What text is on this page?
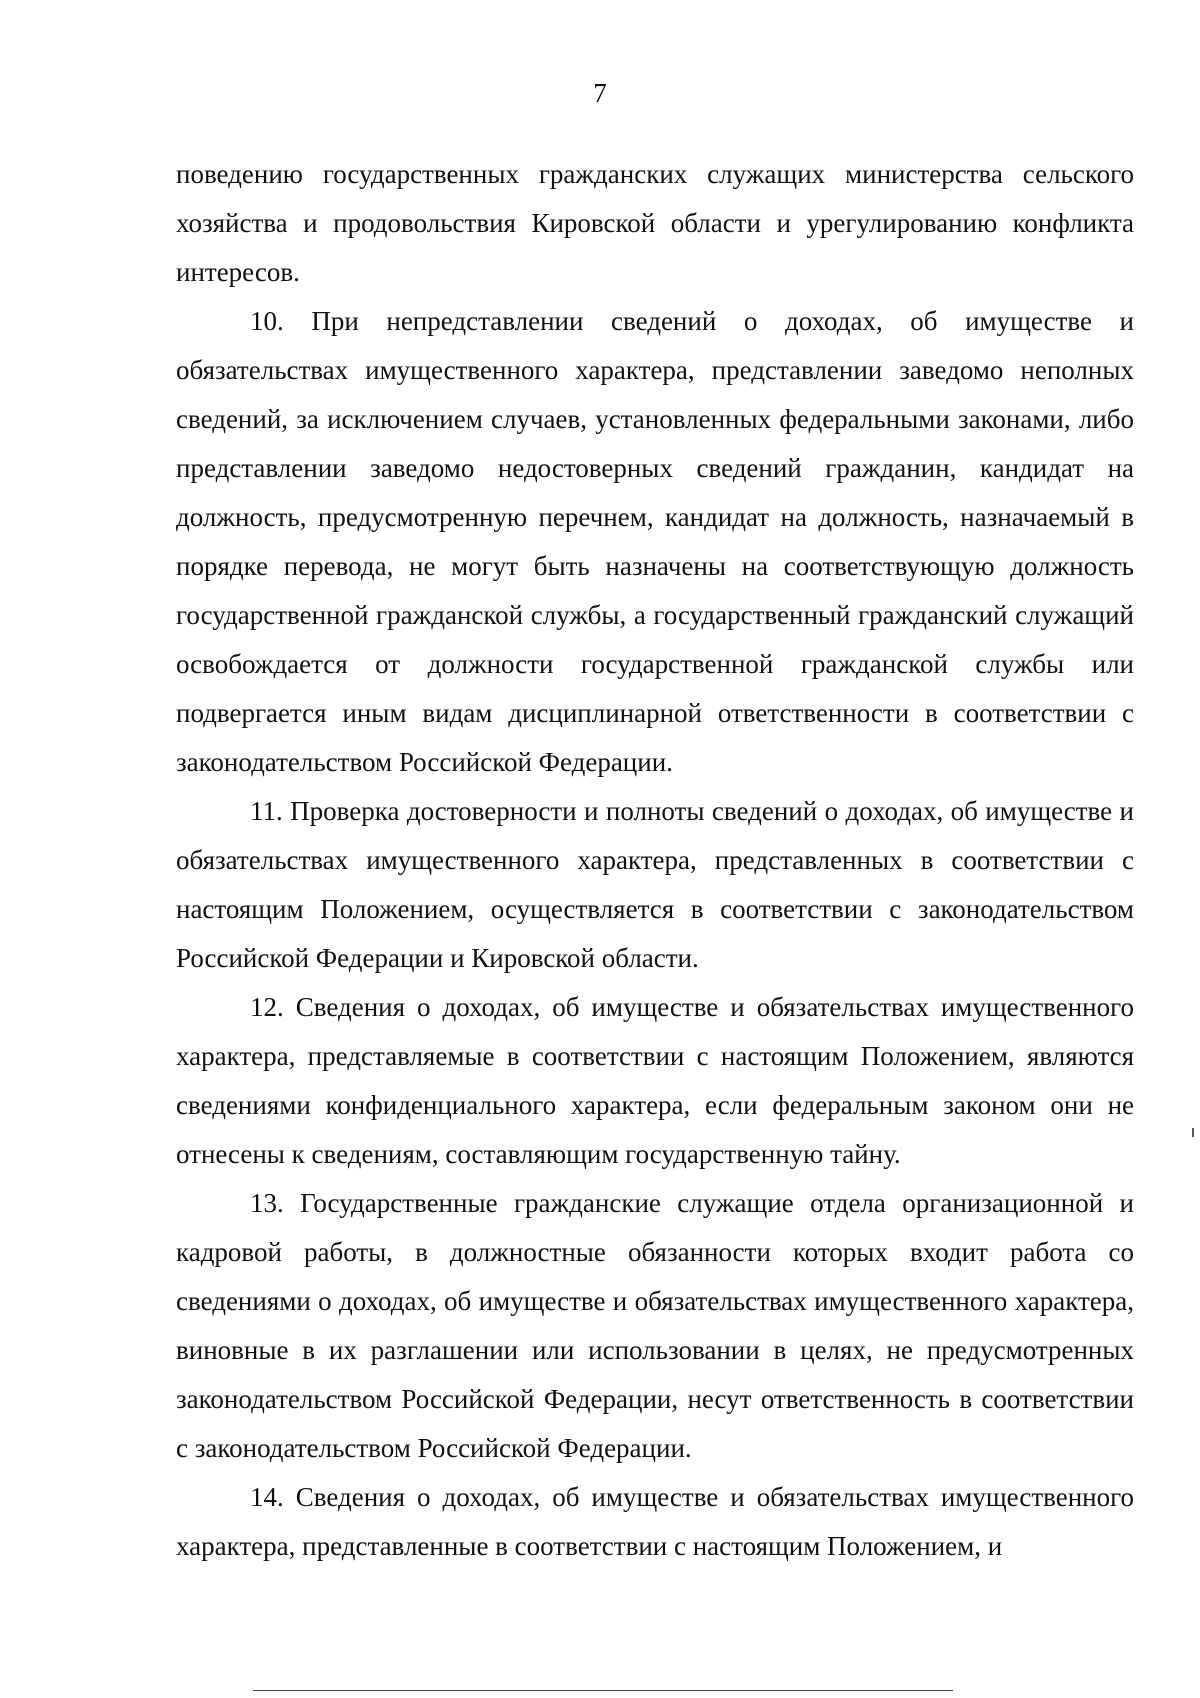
7

поведению государственных гражданских служащих министерства сельского хозяйства и продовольствия Кировской области и урегулированию конфликта интересов.

10. При непредставлении сведений о доходах, об имуществе и обязательствах имущественного характера, представлении заведомо неполных сведений, за исключением случаев, установленных федеральными законами, либо представлении заведомо недостоверных сведений гражданин, кандидат на должность, предусмотренную перечнем, кандидат на должность, назначаемый в порядке перевода, не могут быть назначены на соответствующую должность государственной гражданской службы, а государственный гражданский служащий освобождается от должности государственной гражданской службы или подвергается иным видам дисциплинарной ответственности в соответствии с законодательством Российской Федерации.

11. Проверка достоверности и полноты сведений о доходах, об имуществе и обязательствах имущественного характера, представленных в соответствии с настоящим Положением, осуществляется в соответствии с законодательством Российской Федерации и Кировской области.

12. Сведения о доходах, об имуществе и обязательствах имущественного характера, представляемые в соответствии с настоящим Положением, являются сведениями конфиденциального характера, если федеральным законом они не отнесены к сведениям, составляющим государственную тайну.

13. Государственные гражданские служащие отдела организационной и кадровой работы, в должностные обязанности которых входит работа со сведениями о доходах, об имуществе и обязательствах имущественного характера, виновные в их разглашении или использовании в целях, не предусмотренных законодательством Российской Федерации, несут ответственность в соответствии с законодательством Российской Федерации.

14. Сведения о доходах, об имуществе и обязательствах имущественного характера, представленные в соответствии с настоящим Положением, и
